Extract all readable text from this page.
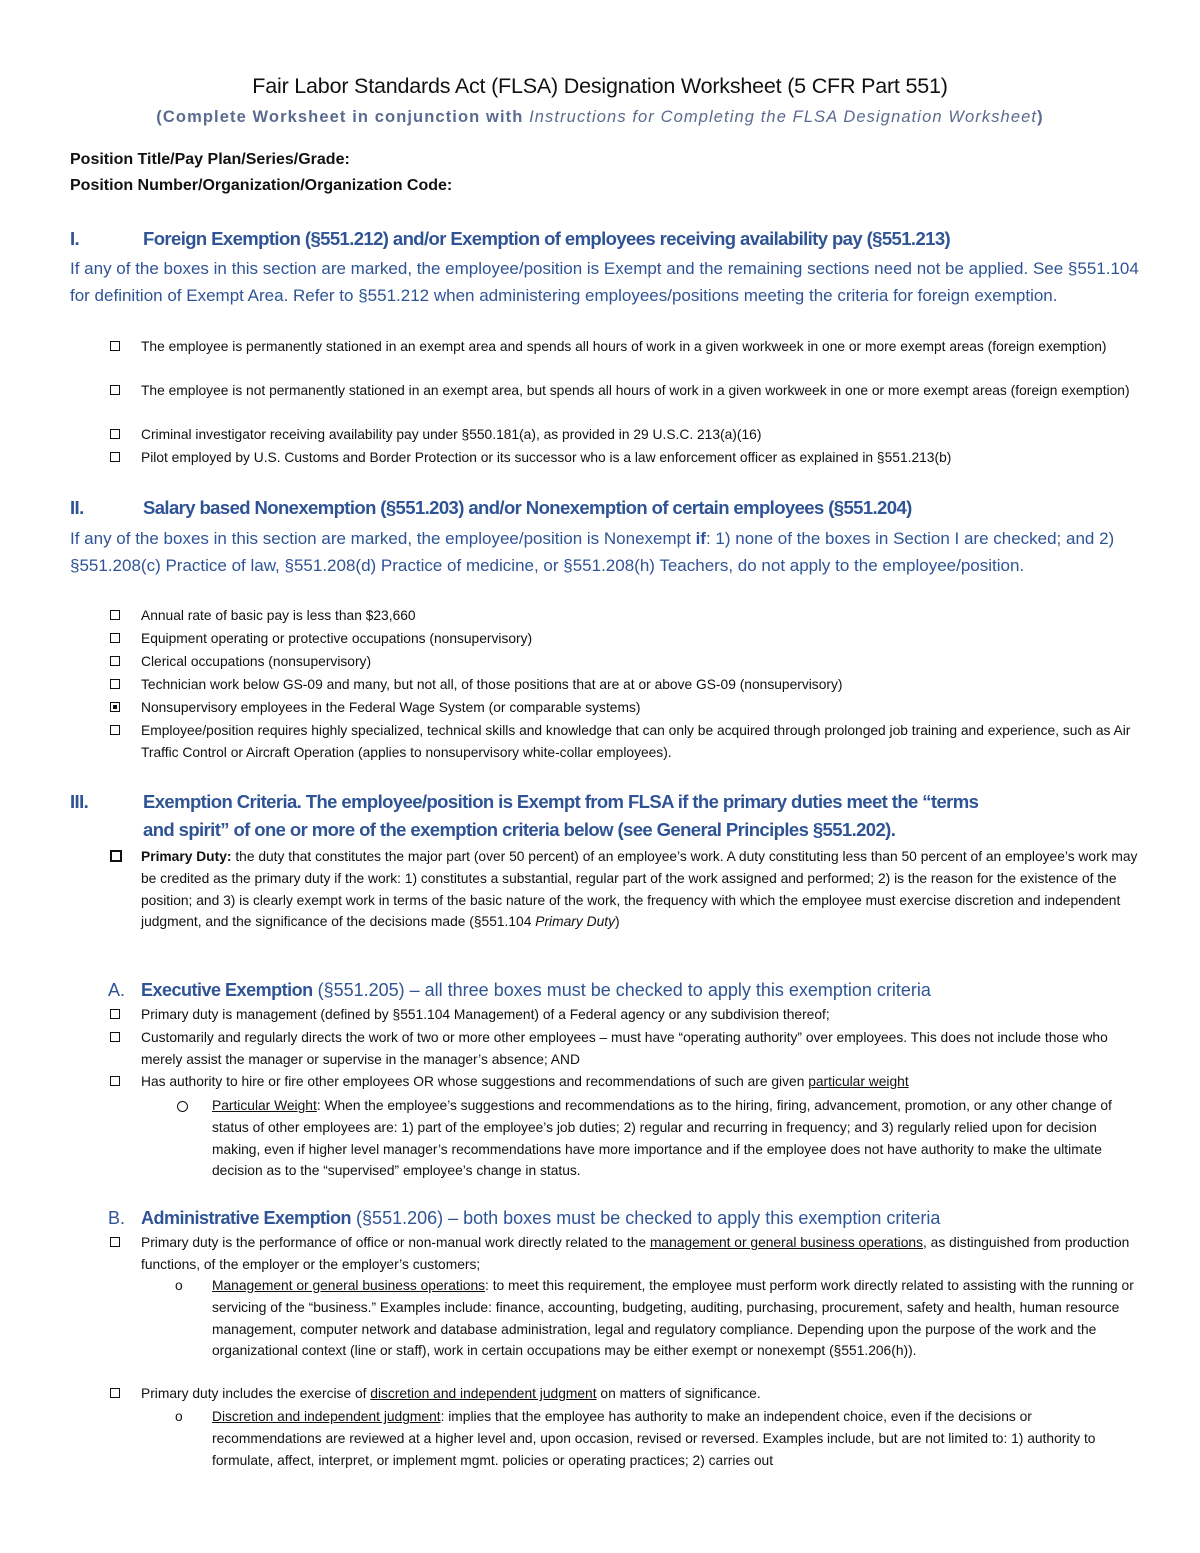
Fair Labor Standards Act (FLSA) Designation Worksheet (5 CFR Part 551)
(Complete Worksheet in conjunction with Instructions for Completing the FLSA Designation Worksheet)
Position Title/Pay Plan/Series/Grade:
Position Number/Organization/Organization Code:
I.	Foreign Exemption (§551.212) and/or Exemption of employees receiving availability pay (§551.213)
If any of the boxes in this section are marked, the employee/position is Exempt and the remaining sections need not be applied. See §551.104 for definition of Exempt Area. Refer to §551.212 when administering employees/positions meeting the criteria for foreign exemption.
The employee is permanently stationed in an exempt area and spends all hours of work in a given workweek in one or more exempt areas (foreign exemption)
The employee is not permanently stationed in an exempt area, but spends all hours of work in a given workweek in one or more exempt areas (foreign exemption)
Criminal investigator receiving availability pay under §550.181(a), as provided in 29 U.S.C. 213(a)(16)
Pilot employed by U.S. Customs and Border Protection or its successor who is a law enforcement officer as explained in §551.213(b)
II.	Salary based Nonexemption (§551.203) and/or Nonexemption of certain employees (§551.204)
If any of the boxes in this section are marked, the employee/position is Nonexempt if: 1) none of the boxes in Section I are checked; and 2) §551.208(c) Practice of law, §551.208(d) Practice of medicine, or §551.208(h) Teachers, do not apply to the employee/position.
Annual rate of basic pay is less than $23,660
Equipment operating or protective occupations (nonsupervisory)
Clerical occupations (nonsupervisory)
Technician work below GS-09 and many, but not all, of those positions that are at or above GS-09 (nonsupervisory)
Nonsupervisory employees in the Federal Wage System (or comparable systems)
Employee/position requires highly specialized, technical skills and knowledge that can only be acquired through prolonged job training and experience, such as Air Traffic Control or Aircraft Operation (applies to nonsupervisory white-collar employees).
III.	Exemption Criteria. The employee/position is Exempt from FLSA if the primary duties meet the “terms
and spirit” of one or more of the exemption criteria below (see General Principles §551.202).
Primary Duty: the duty that constitutes the major part (over 50 percent) of an employee’s work. A duty constituting less than 50 percent of an employee’s work may be credited as the primary duty if the work: 1) constitutes a substantial, regular part of the work assigned and performed; 2) is the reason for the existence of the position; and 3) is clearly exempt work in terms of the basic nature of the work, the frequency with which the employee must exercise discretion and independent judgment, and the significance of the decisions made (§551.104 Primary Duty)
A. Executive Exemption (§551.205) – all three boxes must be checked to apply this exemption criteria
Primary duty is management (defined by §551.104 Management) of a Federal agency or any subdivision thereof;
Customarily and regularly directs the work of two or more other employees – must have “operating authority” over employees. This does not include those who merely assist the manager or supervise in the manager’s absence; AND
Has authority to hire or fire other employees OR whose suggestions and recommendations of such are given particular weight
Particular Weight: When the employee’s suggestions and recommendations as to the hiring, firing, advancement, promotion, or any other change of status of other employees are: 1) part of the employee’s job duties; 2) regular and recurring in frequency; and 3) regularly relied upon for decision making, even if higher level manager’s recommendations have more importance and if the employee does not have authority to make the ultimate decision as to the “supervised” employee’s change in status.
B. Administrative Exemption (§551.206) – both boxes must be checked to apply this exemption criteria
Primary duty is the performance of office or non-manual work directly related to the management or general business operations, as distinguished from production functions, of the employer or the employer’s customers;
o	Management or general business operations: to meet this requirement, the employee must perform work directly related to assisting with the running or servicing of the “business.” Examples include: finance, accounting, budgeting, auditing, purchasing, procurement, safety and health, human resource management, computer network and database administration, legal and regulatory compliance. Depending upon the purpose of the work and the organizational context (line or staff), work in certain occupations may be either exempt or nonexempt (§551.206(h)).
Primary duty includes the exercise of discretion and independent judgment on matters of significance.
o	Discretion and independent judgment: implies that the employee has authority to make an independent choice, even if the decisions or recommendations are reviewed at a higher level and, upon occasion, revised or reversed. Examples include, but are not limited to: 1) authority to formulate, affect, interpret, or implement mgmt. policies or operating practices; 2) carries out
